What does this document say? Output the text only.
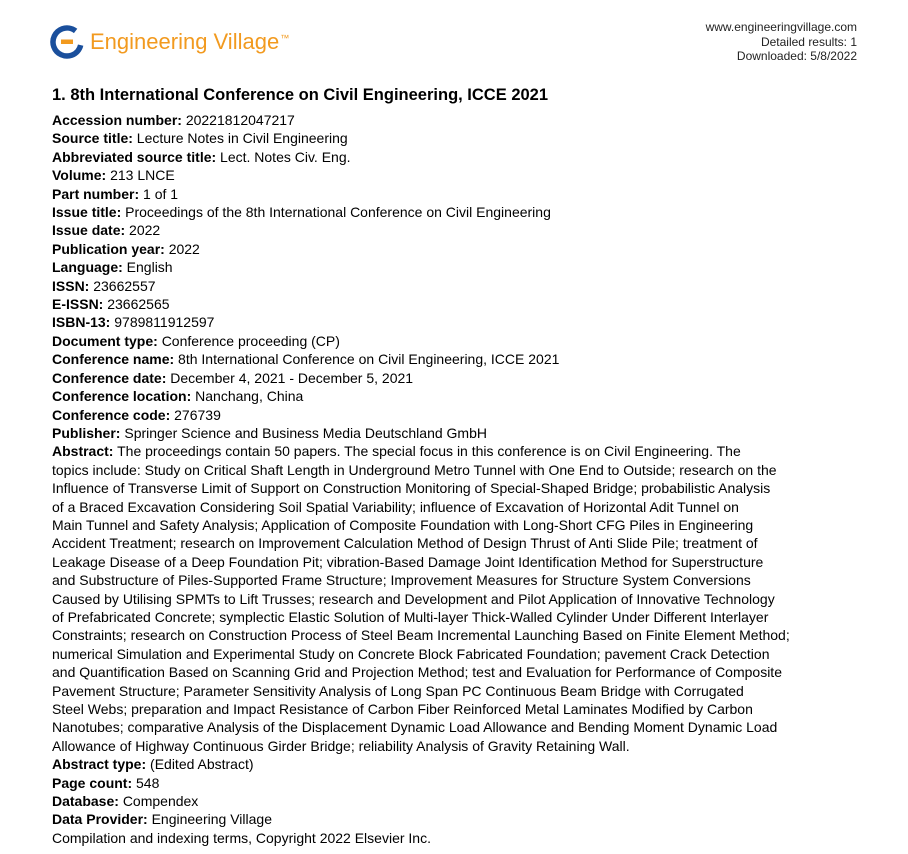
Engineering Village™
www.engineeringvillage.com
Detailed results: 1
Downloaded: 5/8/2022
1. 8th International Conference on Civil Engineering, ICCE 2021
Accession number: 20221812047217
Source title: Lecture Notes in Civil Engineering
Abbreviated source title: Lect. Notes Civ. Eng.
Volume: 213 LNCE
Part number: 1 of 1
Issue title: Proceedings of the 8th International Conference on Civil Engineering
Issue date: 2022
Publication year: 2022
Language: English
ISSN: 23662557
E-ISSN: 23662565
ISBN-13: 9789811912597
Document type: Conference proceeding (CP)
Conference name: 8th International Conference on Civil Engineering, ICCE 2021
Conference date: December 4, 2021 - December 5, 2021
Conference location: Nanchang, China
Conference code: 276739
Publisher: Springer Science and Business Media Deutschland GmbH
Abstract: The proceedings contain 50 papers. The special focus in this conference is on Civil Engineering. The
topics include: Study on Critical Shaft Length in Underground Metro Tunnel with One End to Outside; research on the
Influence of Transverse Limit of Support on Construction Monitoring of Special-Shaped Bridge; probabilistic Analysis
of a Braced Excavation Considering Soil Spatial Variability; influence of Excavation of Horizontal Adit Tunnel on
Main Tunnel and Safety Analysis; Application of Composite Foundation with Long-Short CFG Piles in Engineering
Accident Treatment; research on Improvement Calculation Method of Design Thrust of Anti Slide Pile; treatment of
Leakage Disease of a Deep Foundation Pit; vibration-Based Damage Joint Identification Method for Superstructure
and Substructure of Piles-Supported Frame Structure; Improvement Measures for Structure System Conversions
Caused by Utilising SPMTs to Lift Trusses; research and Development and Pilot Application of Innovative Technology
of Prefabricated Concrete; symplectic Elastic Solution of Multi-layer Thick-Walled Cylinder Under Different Interlayer
Constraints; research on Construction Process of Steel Beam Incremental Launching Based on Finite Element Method;
numerical Simulation and Experimental Study on Concrete Block Fabricated Foundation; pavement Crack Detection
and Quantification Based on Scanning Grid and Projection Method; test and Evaluation for Performance of Composite
Pavement Structure; Parameter Sensitivity Analysis of Long Span PC Continuous Beam Bridge with Corrugated
Steel Webs; preparation and Impact Resistance of Carbon Fiber Reinforced Metal Laminates Modified by Carbon
Nanotubes; comparative Analysis of the Displacement Dynamic Load Allowance and Bending Moment Dynamic Load
Allowance of Highway Continuous Girder Bridge; reliability Analysis of Gravity Retaining Wall.
Abstract type: (Edited Abstract)
Page count: 548
Database: Compendex
Data Provider: Engineering Village
Compilation and indexing terms, Copyright 2022 Elsevier Inc.
